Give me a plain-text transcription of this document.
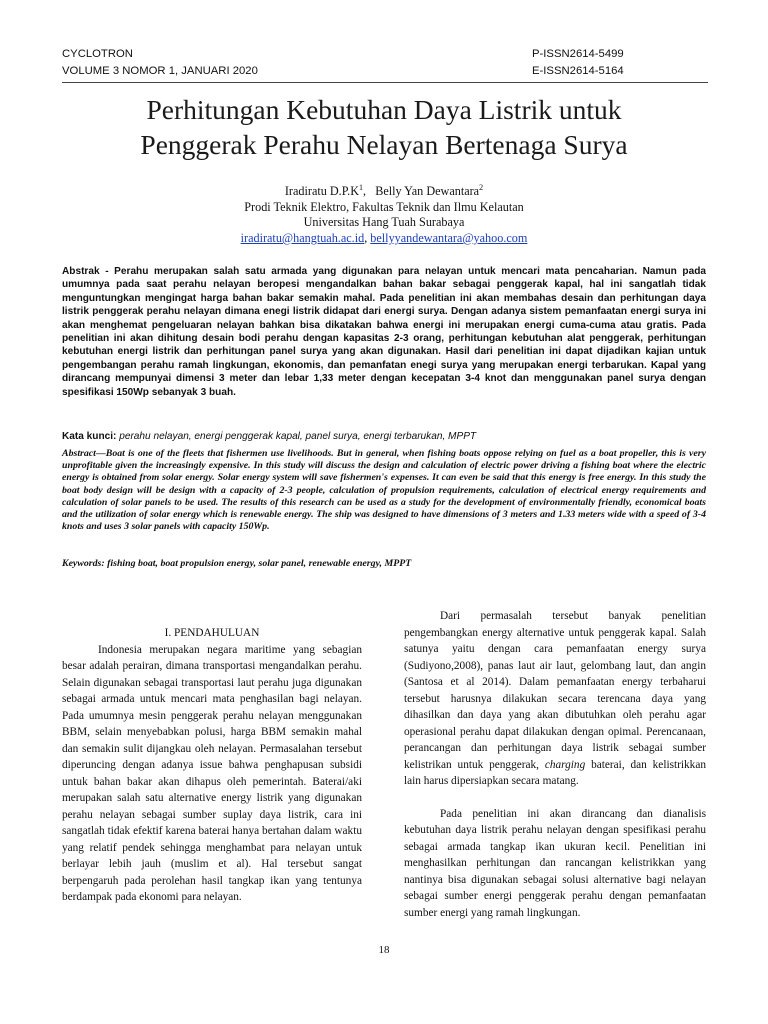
CYCLOTRON
VOLUME 3 NOMOR 1, JANUARI 2020
P-ISSN2614-5499
E-ISSN2614-5164
Perhitungan Kebutuhan Daya Listrik untuk
Penggerak Perahu Nelayan Bertenaga Surya
Iradiratu $D.P.K^1$,   Belly Yan Dewantara$^2$
Prodi Teknik Elektro, Fakultas Teknik dan Ilmu Kelautan
Universitas Hang Tuah Surabaya
iradiratu@hangtuah.ac.id, bellyyandewantara@yahoo.com
Abstrak - Perahu merupakan salah satu armada yang digunakan para nelayan untuk mencari mata pencaharian. Namun pada umumnya pada saat perahu nelayan beropesi mengandalkan bahan bakar sebagai penggerak kapal, hal ini sangatlah tidak menguntungkan mengingat harga bahan bakar semakin mahal. Pada penelitian ini akan membahas desain dan perhitungan daya listrik penggerak perahu nelayan dimana enegi listrik didapat dari energi surya. Dengan adanya sistem pemanfaatan energi surya ini akan menghemat pengeluaran nelayan bahkan bisa dikatakan bahwa energi ini merupakan energi cuma-cuma atau gratis. Pada penelitian ini akan dihitung desain bodi perahu dengan kapasitas 2-3 orang, perhitungan kebutuhan alat penggerak, perhitungan kebutuhan energi listrik dan perhitungan panel surya yang akan digunakan. Hasil dari penelitian ini dapat dijadikan kajian untuk pengembangan perahu ramah lingkungan, ekonomis, dan pemanfatan enegi surya yang merupakan energi terbarukan. Kapal yang dirancang mempunyai dimensi 3 meter dan lebar 1,33 meter dengan kecepatan 3-4 knot dan menggunakan panel surya dengan spesifikasi 150Wp sebanyak 3 buah.
Kata kunci: perahu nelayan, energi penggerak kapal, panel surya, energi terbarukan, MPPT
Abstract—Boat is one of the fleets that fishermen use livelihoods. But in general, when fishing boats oppose relying on fuel as a boat propeller, this is very unprofitable given the increasingly expensive. In this study will discuss the design and calculation of electric power driving a fishing boat where the electric energy is obtained from solar energy. Solar energy system will save fishermen's expenses. It can even be said that this energy is free energy. In this study the boat body design will be design with a capacity of 2-3 people, calculation of propulsion requirements, calculation of electrical energy requirements and calculation of solar panels to be used. The results of this research can be used as a study for the development of environmentally friendly, economical boats and the utilization of solar energy which is renewable energy. The ship was designed to have dimensions of 3 meters and 1.33 meters wide with a speed of 3-4 knots and uses 3 solar panels with capacity 150Wp.
Keywords: fishing boat, boat propulsion energy, solar panel, renewable energy, MPPT

I. PENDAHULUAN

Indonesia merupakan negara maritime yang sebagian besar adalah perairan, dimana transportasi mengandalkan perahu. Selain digunakan sebagai transportasi laut perahu juga digunakan sebagai armada untuk mencari mata penghasilan bagi nelayan. Pada umumnya mesin penggerak perahu nelayan menggunakan BBM, selain menyebabkan polusi, harga BBM semakin mahal dan semakin sulit dijangkau oleh nelayan. Permasalahan tersebut diperuncing dengan adanya issue bahwa penghapusan subsidi untuk bahan bakar akan dihapus oleh pemerintah. Baterai/aki merupakan salah satu alternative energy listrik yang digunakan perahu nelayan sebagai sumber suplay daya listrik, cara ini sangatlah tidak efektif karena baterai hanya bertahan dalam waktu yang relatif pendek sehingga menghambat para nelayan untuk berlayar lebih jauh (muslim et al). Hal tersebut sangat berpengaruh pada perolehan hasil tangkap ikan yang tentunya berdampak pada ekonomi para nelayan.

Dari permasalah tersebut banyak penelitian pengembangkan energy alternative untuk penggerak kapal. Salah satunya yaitu dengan cara pemanfaatan energy surya (Sudiyono,2008), panas laut air laut, gelombang laut, dan angin (Santosa et al 2014). Dalam pemanfaatan energy terbaharui tersebut harusnya dilakukan secara terencana daya yang dihasilkan dan daya yang akan dibutuhkan oleh perahu agar operasional perahu dapat dilakukan dengan opimal. Perencanaan, perancangan dan perhitungan daya listrik sebagai sumber kelistrikan untuk penggerak, charging baterai, dan kelistrikkan lain harus dipersiapkan secara matang.

Pada penelitian ini akan dirancang dan dianalisis kebutuhan daya listrik perahu nelayan dengan spesifikasi perahu sebagai armada tangkap ikan ukuran kecil. Penelitian ini menghasilkan perhitungan dan rancangan kelistrikkan yang nantinya bisa digunakan sebagai solusi alternative bagi nelayan sebagai sumber energi penggerak perahu dengan pemanfaatan sumber energi yang ramah lingkungan.

18
